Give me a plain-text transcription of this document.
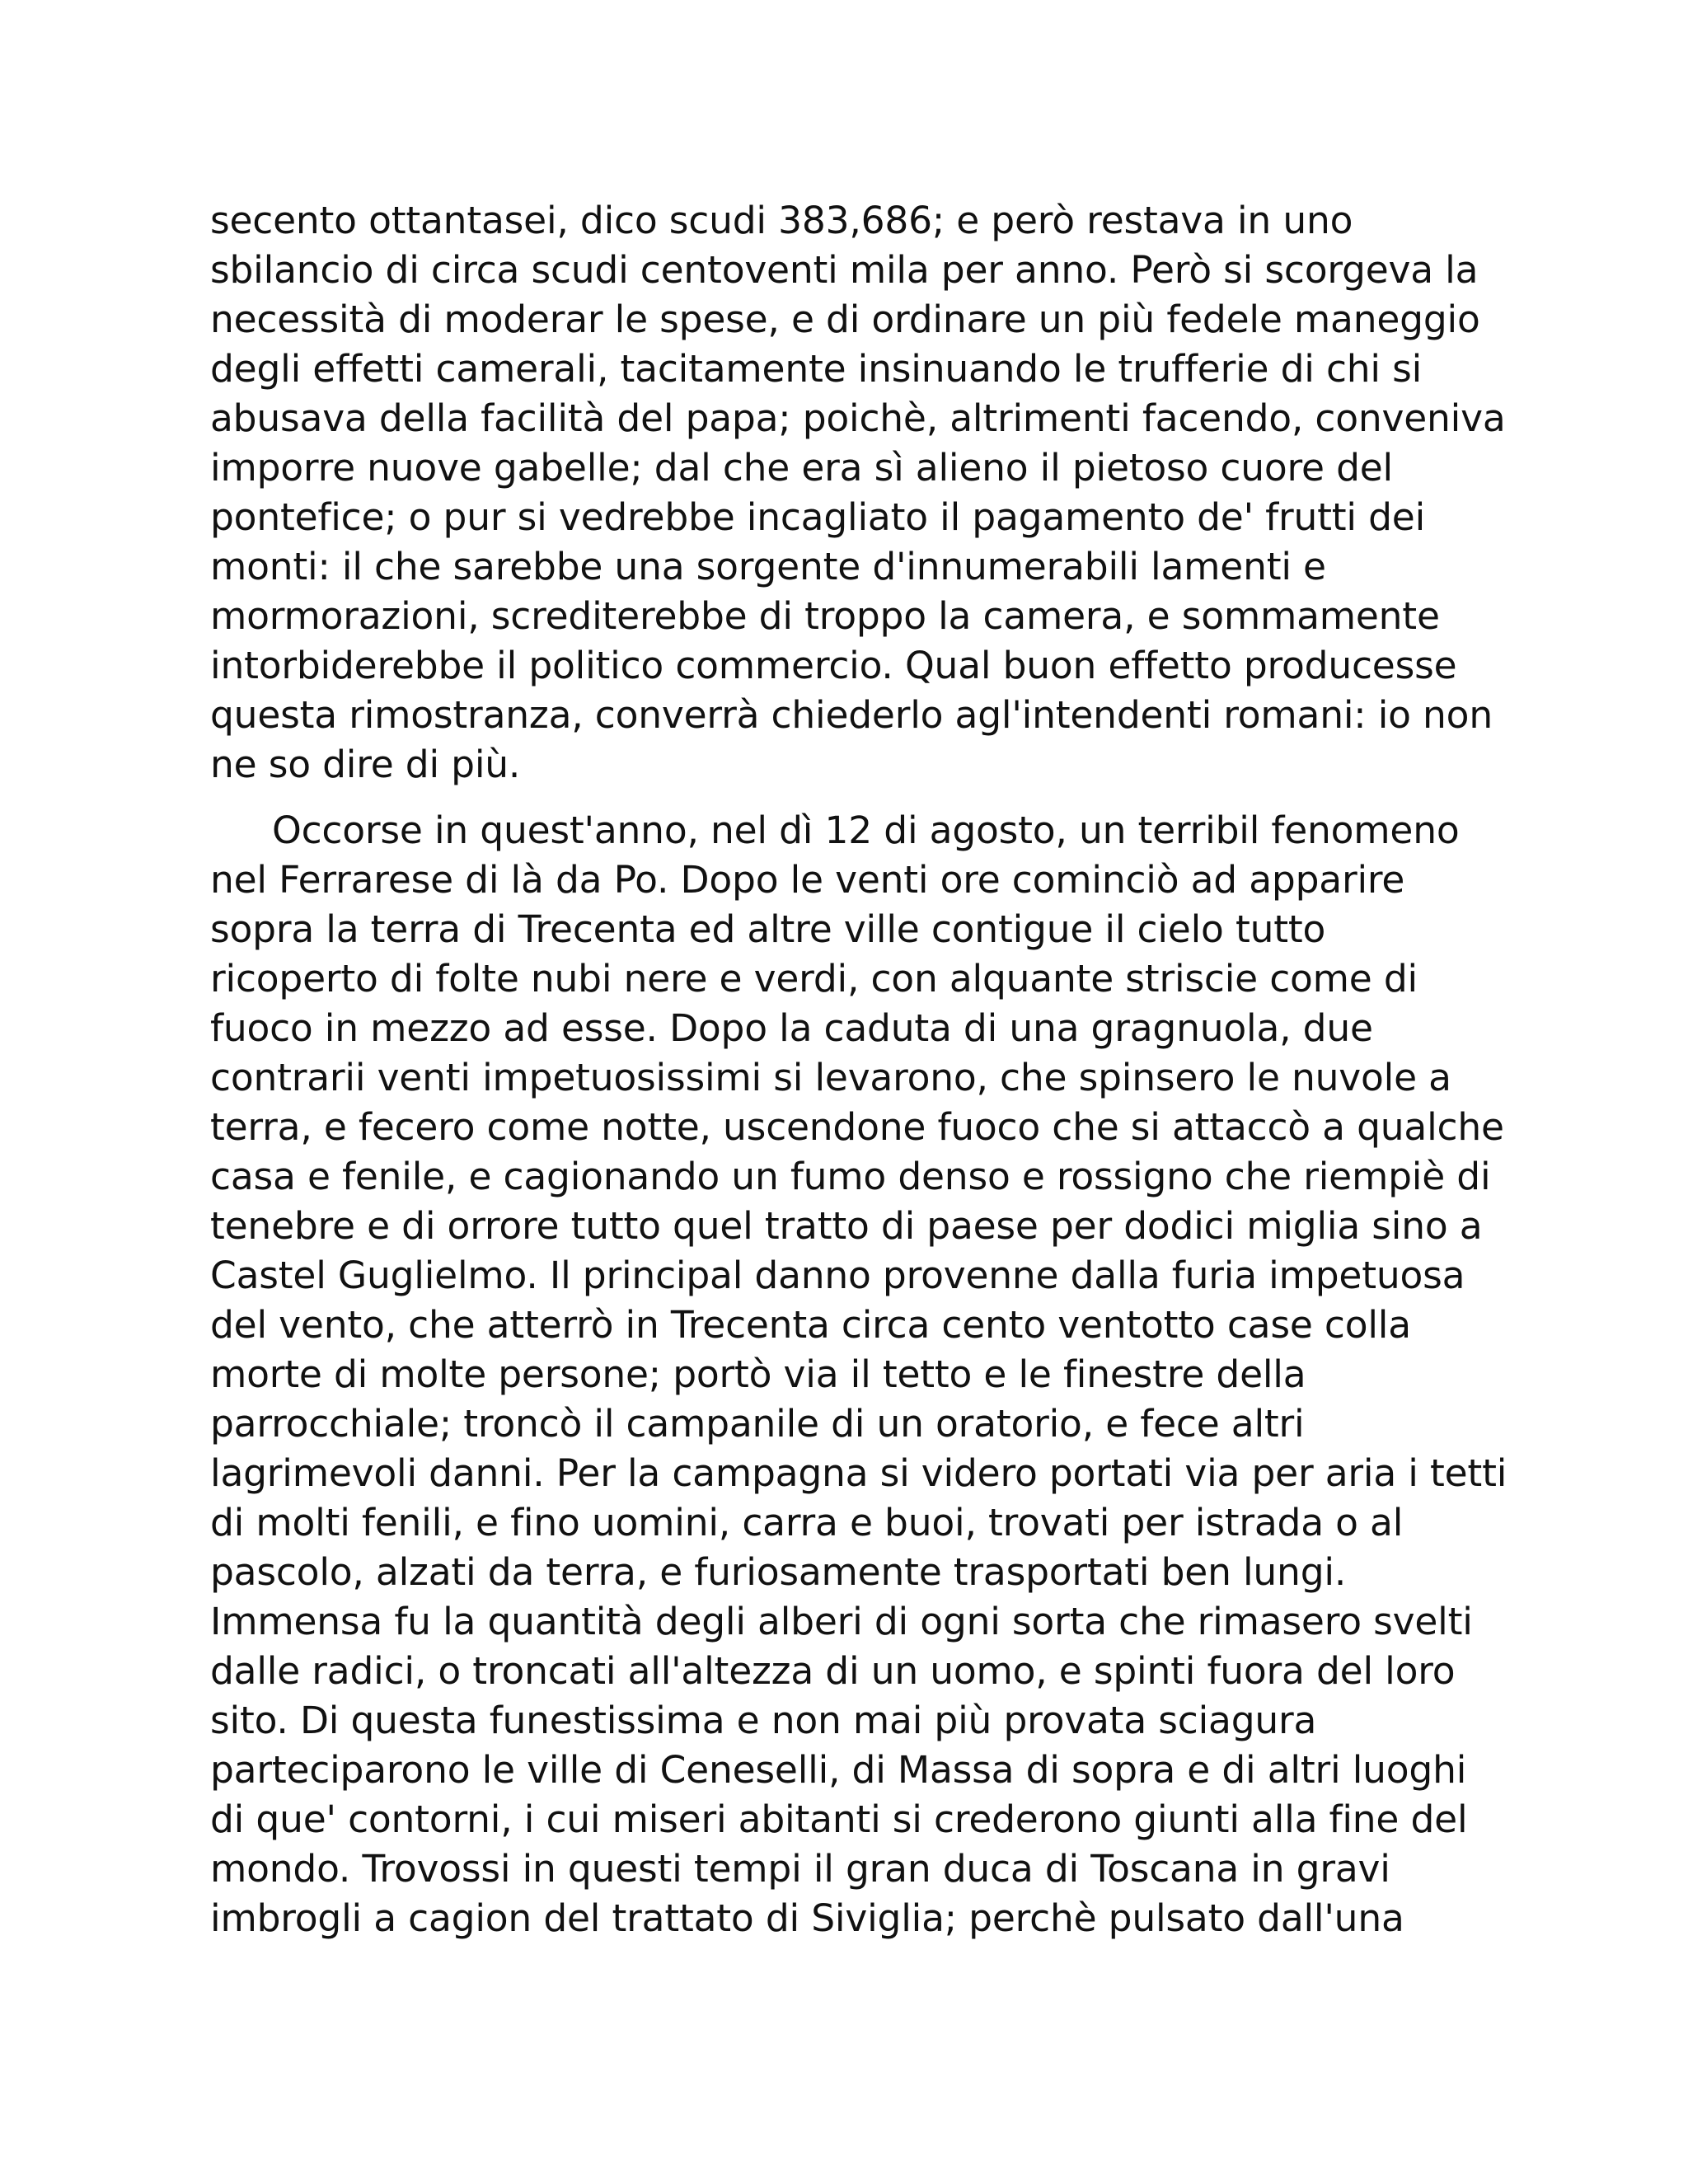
secento ottantasei, dico scudi 383,686; e però restava in uno
sbilancio di circa scudi centoventi mila per anno. Però si scorgeva la
necessità di moderar le spese, e di ordinare un più fedele maneggio
degli effetti camerali, tacitamente insinuando le trufferie di chi si
abusava della facilità del papa; poichè, altrimenti facendo, conveniva
imporre nuove gabelle; dal che era sì alieno il pietoso cuore del
pontefice; o pur si vedrebbe incagliato il pagamento de' frutti dei
monti: il che sarebbe una sorgente d'innumerabili lamenti e
mormorazioni, screditerebbe di troppo la camera, e sommamente
intorbiderebbe il politico commercio. Qual buon effetto producesse
questa rimostranza, converrà chiederlo agl'intendenti romani: io non
ne so dire di più.
Occorse in quest'anno, nel dì 12 di agosto, un terribil fenomeno
nel Ferrarese di là da Po. Dopo le venti ore cominciò ad apparire
sopra la terra di Trecenta ed altre ville contigue il cielo tutto
ricoperto di folte nubi nere e verdi, con alquante striscie come di
fuoco in mezzo ad esse. Dopo la caduta di una gragnuola, due
contrarii venti impetuosissimi si levarono, che spinsero le nuvole a
terra, e fecero come notte, uscendone fuoco che si attaccò a qualche
casa e fenile, e cagionando un fumo denso e rossigno che riempiè di
tenebre e di orrore tutto quel tratto di paese per dodici miglia sino a
Castel Guglielmo. Il principal danno provenne dalla furia impetuosa
del vento, che atterrò in Trecenta circa cento ventotto case colla
morte di molte persone; portò via il tetto e le finestre della
parrocchiale; troncò il campanile di un oratorio, e fece altri
lagrimevoli danni. Per la campagna si videro portati via per aria i tetti
di molti fenili, e fino uomini, carra e buoi, trovati per istrada o al
pascolo, alzati da terra, e furiosamente trasportati ben lungi.
Immensa fu la quantità degli alberi di ogni sorta che rimasero svelti
dalle radici, o troncati all'altezza di un uomo, e spinti fuora del loro
sito. Di questa funestissima e non mai più provata sciagura
parteciparono le ville di Ceneselli, di Massa di sopra e di altri luoghi
di que' contorni, i cui miseri abitanti si crederono giunti alla fine del
mondo. Trovossi in questi tempi il gran duca di Toscana in gravi
imbrogli a cagion del trattato di Siviglia; perchè pulsato dall'una
